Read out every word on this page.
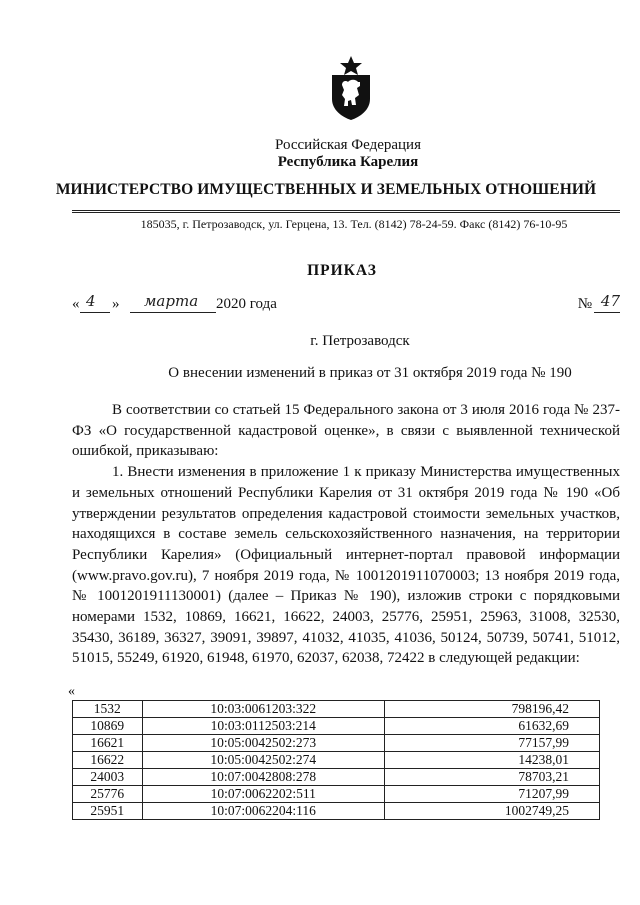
Российская Федерация
Республика Карелия
МИНИСТЕРСТВО ИМУЩЕСТВЕННЫХ И ЗЕМЕЛЬНЫХ ОТНОШЕНИЙ
185035, г. Петрозаводск, ул. Герцена, 13. Тел. (8142) 78-24-59. Факс (8142) 76-10-95
ПРИКАЗ
« 4 » марта 2020 года	№ 47
г. Петрозаводск
О внесении изменений в приказ от 31 октября 2019 года № 190

В соответствии со статьей 15 Федерального закона от 3 июля 2016 года № 237-ФЗ «О государственной кадастровой оценке», в связи с выявленной технической ошибкой, приказываю:

1. Внести изменения в приложение 1 к приказу Министерства имущественных и земельных отношений Республики Карелия от 31 октября 2019 года № 190 «Об утверждении результатов определения кадастровой стоимости земельных участков, находящихся в составе земель сельскохозяйственного назначения, на территории Республики Карелия» (Официальный интернет-портал правовой информации (www.pravo.gov.ru), 7 ноября 2019 года, № 1001201911070003; 13 ноября 2019 года, № 1001201911130001) (далее – Приказ № 190), изложив строки с порядковыми номерами 1532, 10869, 16621, 16622, 24003, 25776, 25951, 25963, 31008, 32530, 35430, 36189, 36327, 39091, 39897, 41032, 41035, 41036, 50124, 50739, 50741, 51012, 51015, 55249, 61920, 61948, 61970, 62037, 62038, 72422 в следующей редакции:

«
1532	10:03:0061203:322	798196,42
10869	10:03:0112503:214	61632,69
16621	10:05:0042502:273	77157,99
16622	10:05:0042502:274	14238,01
24003	10:07:0042808:278	78703,21
25776	10:07:0062202:511	71207,99
25951	10:07:0062204:116	1002749,25
